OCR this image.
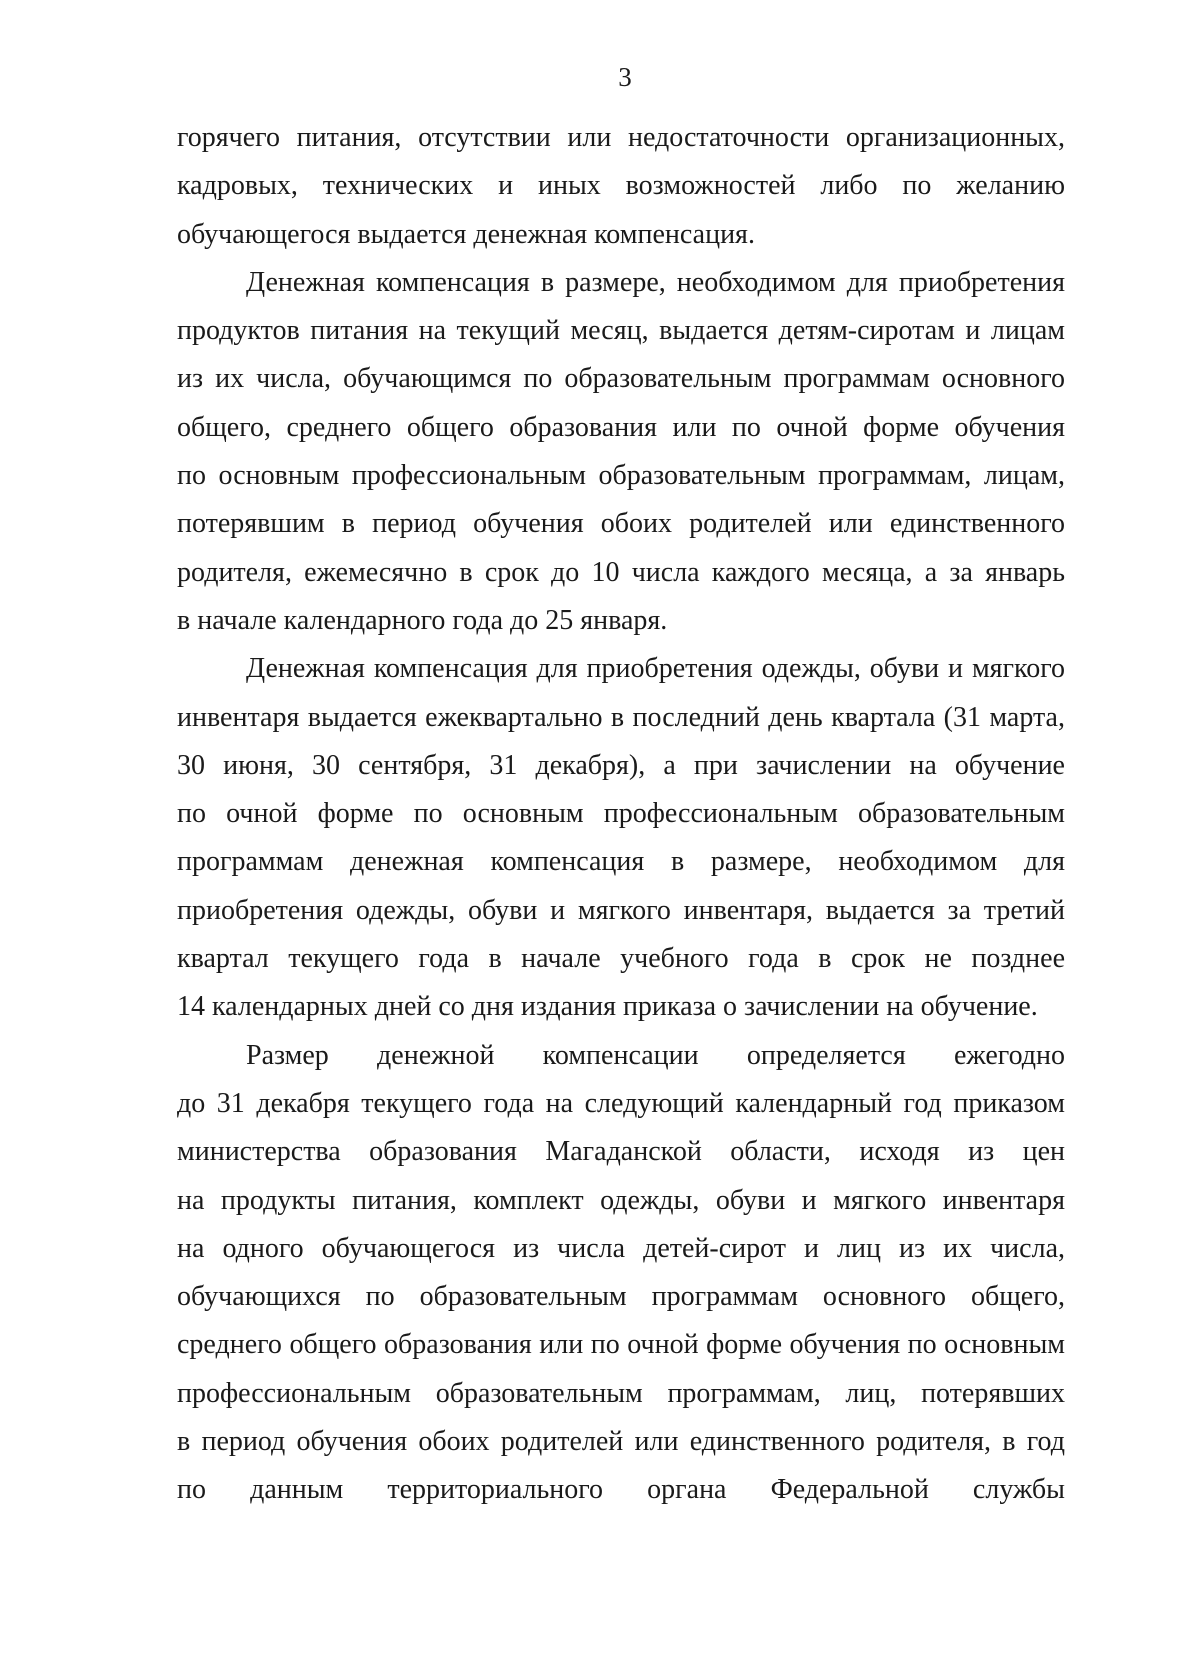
3
горячего питания, отсутствии или недостаточности организационных,
кадровых, технических и иных возможностей либо по желанию
обучающегося выдается денежная компенсация.
Денежная компенсация в размере, необходимом для приобретения
продуктов питания на текущий месяц, выдается детям-сиротам и лицам
из их числа, обучающимся по образовательным программам основного
общего, среднего общего образования или по очной форме обучения
по основным профессиональным образовательным программам, лицам,
потерявшим в период обучения обоих родителей или единственного
родителя, ежемесячно в срок до 10 числа каждого месяца, а за январь
в начале календарного года до 25 января.
Денежная компенсация для приобретения одежды, обуви и мягкого
инвентаря выдается ежеквартально в последний день квартала (31 марта,
30 июня, 30 сентября, 31 декабря), а при зачислении на обучение
по очной форме по основным профессиональным образовательным
программам денежная компенсация в размере, необходимом для
приобретения одежды, обуви и мягкого инвентаря, выдается за третий
квартал текущего года в начале учебного года в срок не позднее
14 календарных дней со дня издания приказа о зачислении на обучение.
Размер денежной компенсации определяется ежегодно
до 31 декабря текущего года на следующий календарный год приказом
министерства образования Магаданской области, исходя из цен
на продукты питания, комплект одежды, обуви и мягкого инвентаря
на одного обучающегося из числа детей-сирот и лиц из их числа,
обучающихся по образовательным программам основного общего,
среднего общего образования или по очной форме обучения по основным
профессиональным образовательным программам, лиц, потерявших
в период обучения обоих родителей или единственного родителя, в год
по данным территориального органа Федеральной службы
